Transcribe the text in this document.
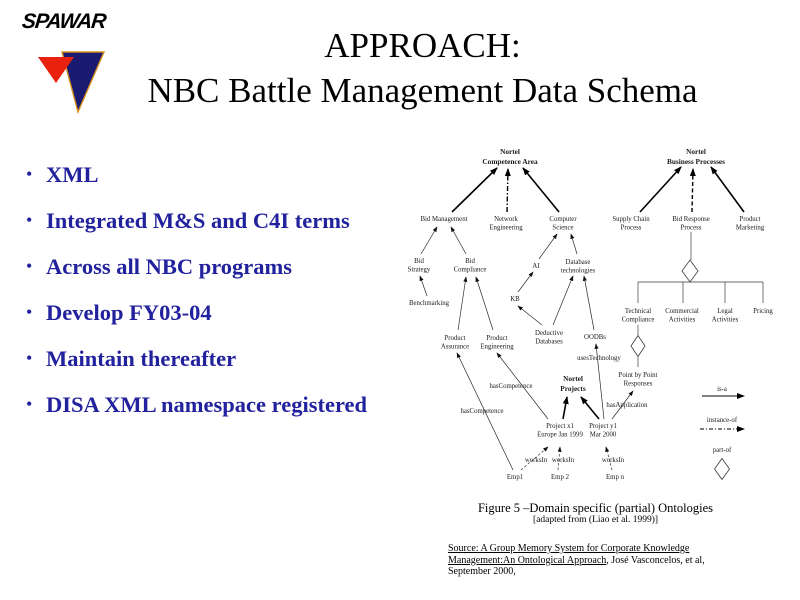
SPAWAR
APPROACH:
NBC Battle Management Data Schema
• XML
• Integrated M&S and C4I terms
• Across all NBC programs
• Develop FY03-04
• Maintain thereafter
• DISA XML namespace registered
Nortel
Competence Area
Nortel
Business Processes
Bid Management	Network
Engineering
Computer
Science
Supply Chain
Process
Bid Response
Process
Product
Marketing
Bid
Strategy
Bid
Compliance
AI
Database
technologies
Benchmarking
KB
Technical
Compliance
Commercial
Activities
Legal
Activities
Pricing
Product
Assurance
Product
Engineering
Deductive
Databases
OODBs
usesTechnology
Nortel
Projects
Point by Point
Responses
hasCompetence
hasCompetence
hasApplication
Project x1
Europe Jan 1999
Project y1
Mar 2000
worksIn worksIn	worksIn
Emp1	Emp 2	Emp n
is-a
instance-of
part-of
Figure 5 –Domain specific (partial) Ontologies
[adapted from (Liao et al. 1999)]
Source: A Group Memory System for Corporate Knowledge Management:An Ontological Approach, José Vasconcelos, et al, September 2000,
